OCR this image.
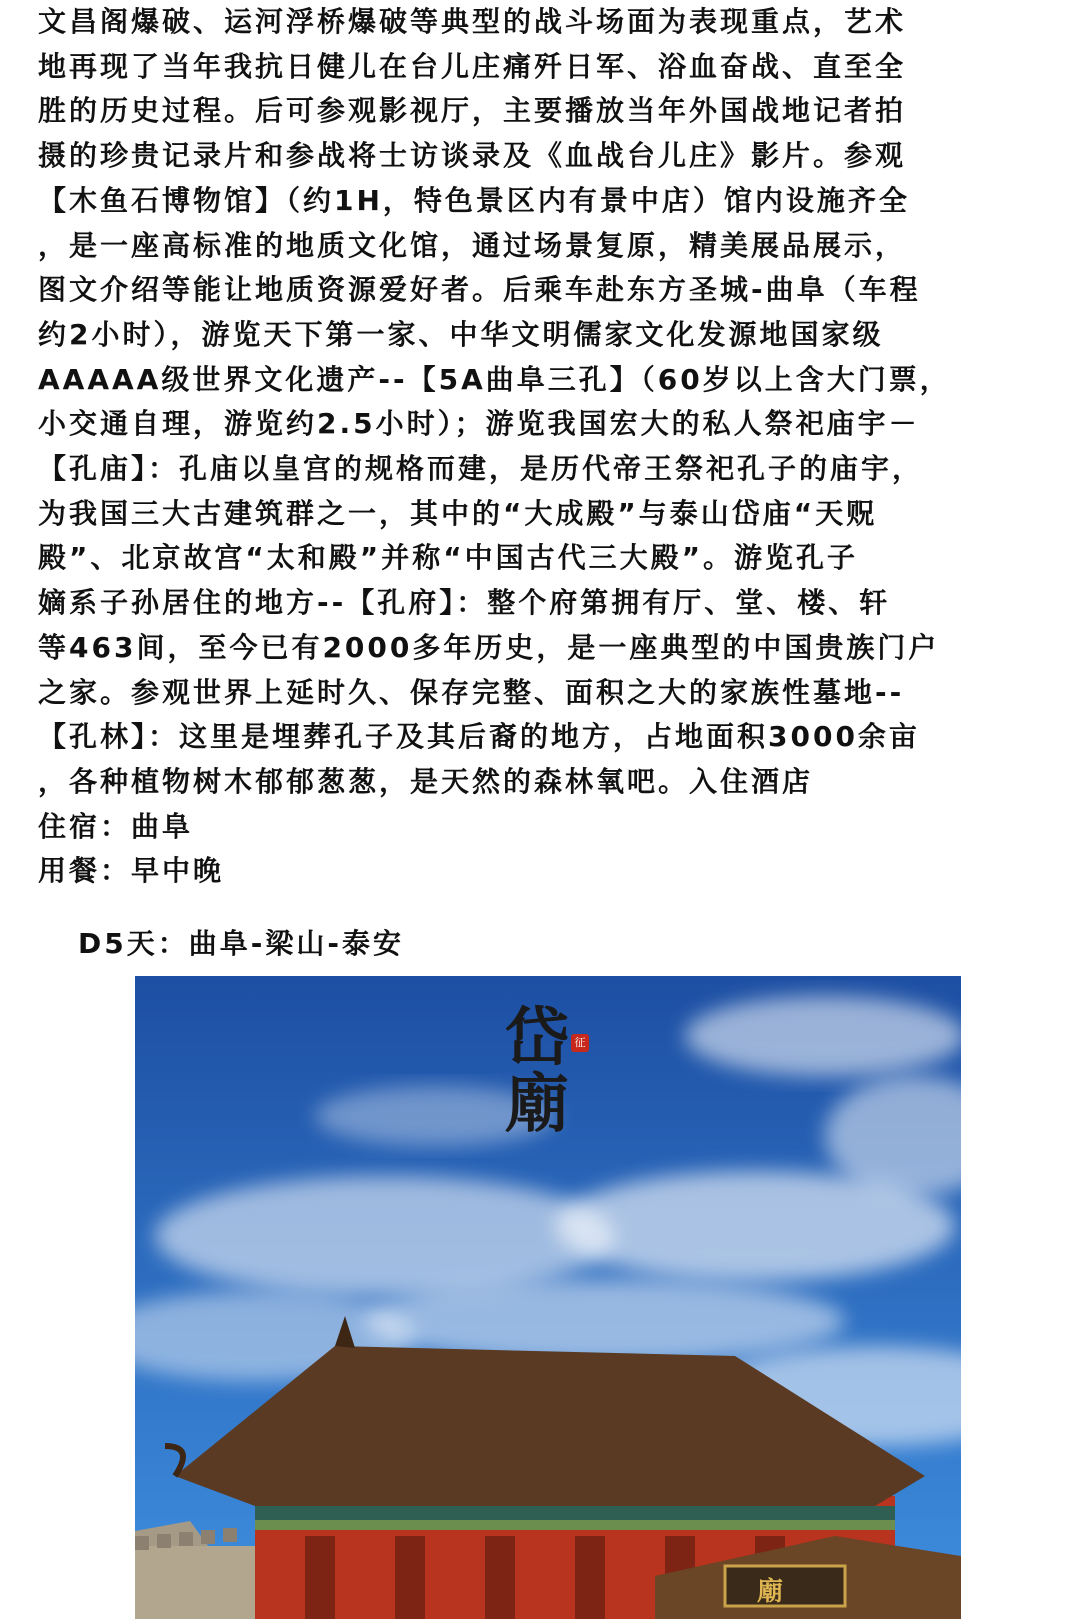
文昌阁爆破、运河浮桥爆破等典型的战斗场面为表现重点，艺术

地再现了当年我抗日健儿在台儿庄痛歼日军、浴血奋战、直至全

胜的历史过程。后可参观影视厅，主要播放当年外国战地记者拍

摄的珍贵记录片和参战将士访谈录及《血战台儿庄》影片。参观

【木鱼石博物馆】（约1H，特色景区内有景中店）馆内设施齐全

，是一座高标准的地质文化馆，通过场景复原，精美展品展示，

图文介绍等能让地质资源爱好者。后乘车赴东方圣城-曲阜（车程

约2小时），游览天下第一家、中华文明儒家文化发源地国家级

AAAAA级世界文化遗产--【5A曲阜三孔】（60岁以上含大门票，

小交通自理，游览约2.5小时）；游览我国宏大的私人祭祀庙宇－

【孔庙】：孔庙以皇宫的规格而建，是历代帝王祭祀孔子的庙宇，

为我国三大古建筑群之一，其中的“大成殿”与泰山岱庙“天贶

殿”、北京故宫“太和殿”并称“中国古代三大殿”。游览孔子

嫡系子孙居住的地方--【孔府】：整个府第拥有厅、堂、楼、轩

等463间，至今已有2000多年历史，是一座典型的中国贵族门户

之家。参观世界上延时久、保存完整、面积之大的家族性墓地--

【孔林】：这里是埋葬孔子及其后裔的地方，占地面积3000余亩

，各种植物树木郁郁葱葱，是天然的森林氧吧。入住酒店

住宿：曲阜

用餐：早中晚

D5天：曲阜-梁山-泰安
岱廟
征
廟
